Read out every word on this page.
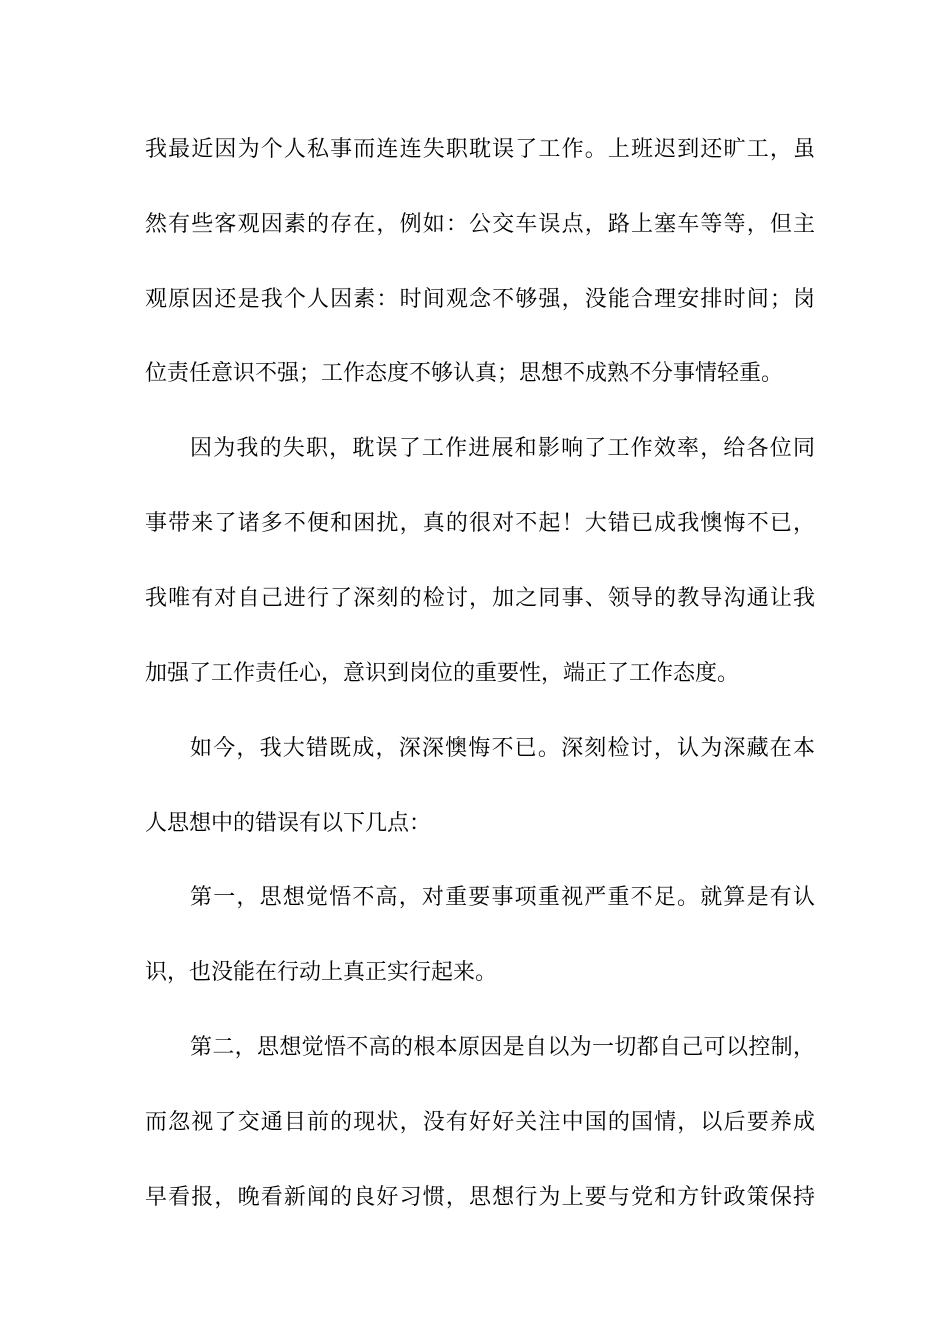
我最近因为个人私事而连连失职耽误了工作。上班迟到还旷工，虽
然有些客观因素的存在，例如：公交车误点，路上塞车等等，但主
观原因还是我个人因素：时间观念不够强，没能合理安排时间；岗
位责任意识不强；工作态度不够认真；思想不成熟不分事情轻重。
因为我的失职，耽误了工作进展和影响了工作效率，给各位同
事带来了诸多不便和困扰，真的很对不起！大错已成我懊悔不已，
我唯有对自己进行了深刻的检讨，加之同事、领导的教导沟通让我
加强了工作责任心，意识到岗位的重要性，端正了工作态度。
如今，我大错既成，深深懊悔不已。深刻检讨，认为深藏在本
人思想中的错误有以下几点：
第一，思想觉悟不高，对重要事项重视严重不足。就算是有认
识，也没能在行动上真正实行起来。
第二，思想觉悟不高的根本原因是自以为一切都自己可以控制，
而忽视了交通目前的现状，没有好好关注中国的国情，以后要养成
早看报，晚看新闻的良好习惯，思想行为上要与党和方针政策保持
